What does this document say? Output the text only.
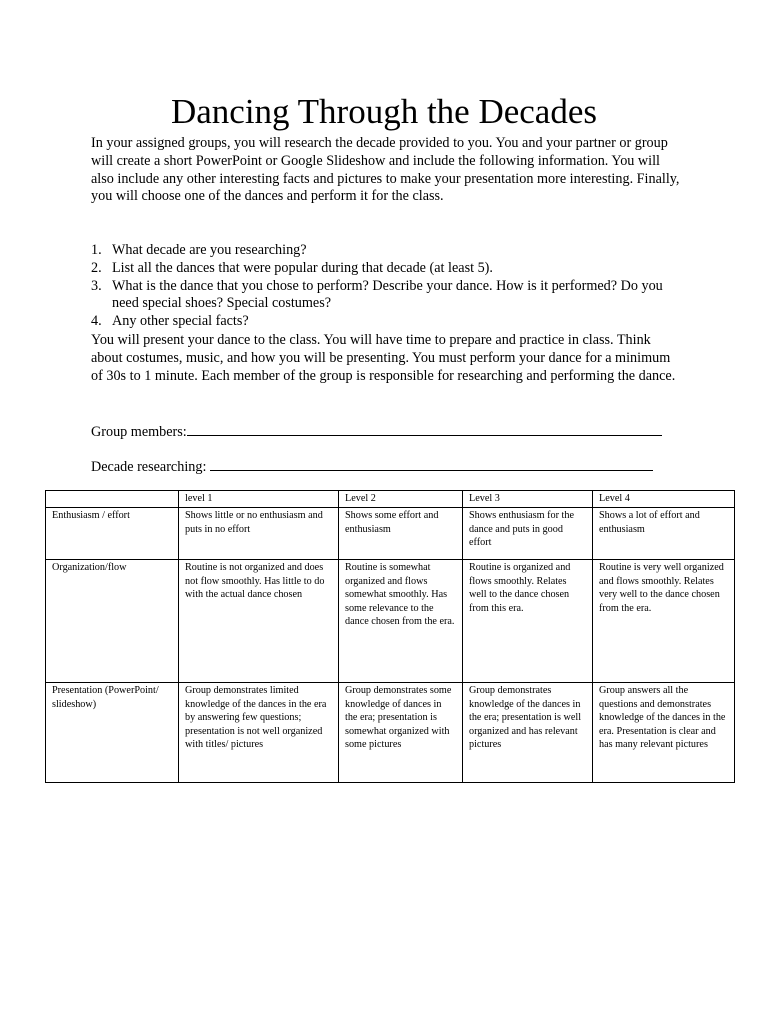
Dancing Through the Decades
In your assigned groups, you will research the decade provided to you. You and your partner or group will create a short PowerPoint or Google Slideshow and include the following information. You will also include any other interesting facts and pictures to make your presentation more interesting. Finally, you will choose one of the dances and perform it for the class.
1. What decade are you researching?
2. List all the dances that were popular during that decade (at least 5).
3. What is the dance that you chose to perform? Describe your dance. How is it performed? Do you need special shoes? Special costumes?
4. Any other special facts?
You will present your dance to the class. You will have time to prepare and practice in class. Think about costumes, music, and how you will be presenting. You must perform your dance for a minimum of 30s to 1 minute. Each member of the group is responsible for researching and performing the dance.
Group members:
Decade researching:
	level 1	Level 2	Level 3	Level 4
Enthusiasm / effort	Shows little or no enthusiasm and puts in no effort	Shows some effort and enthusiasm	Shows enthusiasm for the dance and puts in good effort	Shows a lot of effort and enthusiasm
Organization/flow	Routine is not organized and does not flow smoothly. Has little to do with the actual dance chosen	Routine is somewhat organized and flows somewhat smoothly. Has some relevance to the dance chosen from the era.	Routine is organized and flows smoothly. Relates well to the dance chosen from this era.	Routine is very well organized and flows smoothly. Relates very well to the dance chosen from the era.
Presentation (PowerPoint/ slideshow)	Group demonstrates limited knowledge of the dances in the era by answering few questions; presentation is not well organized with titles/ pictures	Group demonstrates some knowledge of dances in the era; presentation is somewhat organized with some pictures	Group demonstrates knowledge of the dances in the era; presentation is well organized and has relevant pictures	Group answers all the questions and demonstrates knowledge of the dances in the era. Presentation is clear and has many relevant pictures
